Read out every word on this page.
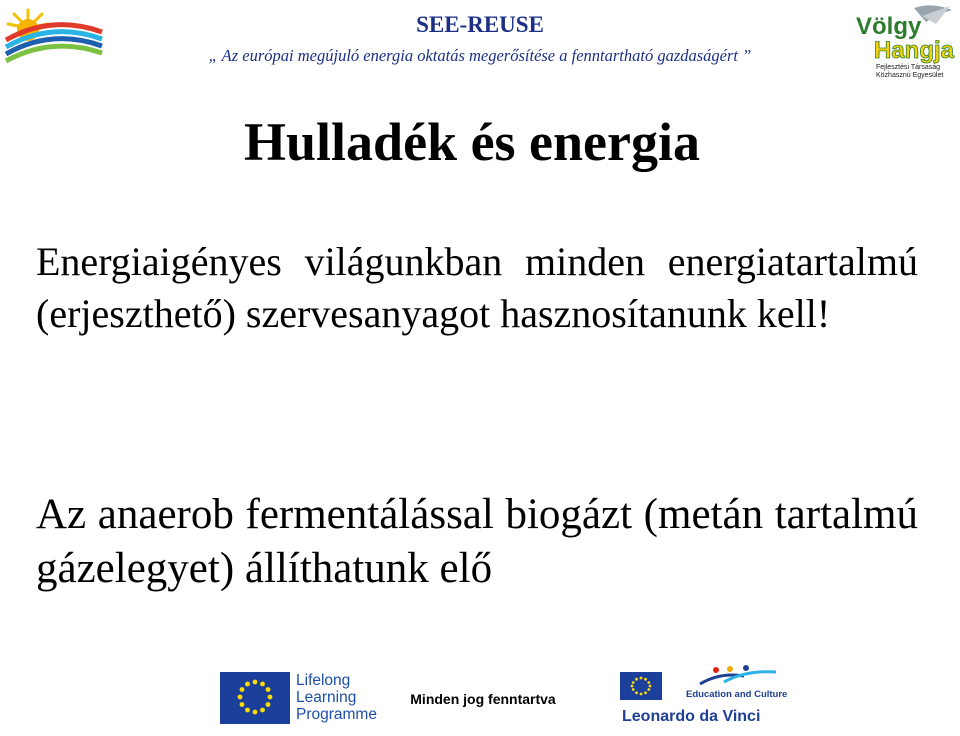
SEE-REUSE
„ Az európai megújuló energia oktatás megerősítése a fenntartható gazdaságért ”
Völgy
Hangja
Fejlesztési Társaság
Közhasznú Egyesület
Hulladék és energia
Energiaigényes világunkban minden energiatartalmú (erjeszthető) szervesanyagot hasznosítanunk kell!
Az anaerob fermentálással biogázt (metán tartalmú gázelegyet) állíthatunk elő
Lifelong
Learning
Programme
Minden jog fenntartva	Education and Culture
Leonardo da Vinci
